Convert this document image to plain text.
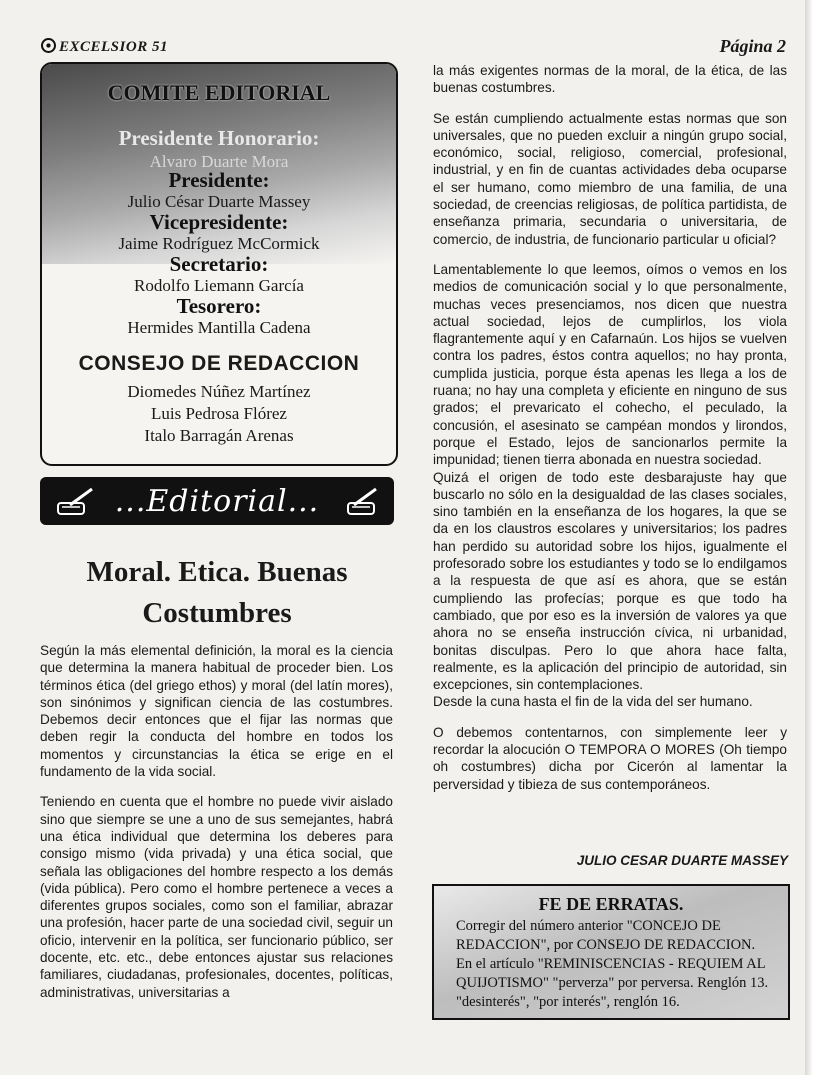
EXCELSIOR 51	Página 2
COMITE EDITORIAL
Presidente Honorario:
Alvaro Duarte Mora
Presidente:
Julio César Duarte Massey
Vicepresidente:
Jaime Rodríguez McCormick
Secretario:
Rodolfo Liemann García
Tesorero:
Hermides Mantilla Cadena
CONSEJO DE REDACCION
Diomedes Núñez Martínez
Luis Pedrosa Flórez
Italo Barragán Arenas
...Editorial...
Moral. Etica. Buenas
Costumbres

Según la más elemental definición, la moral es la ciencia que determina la manera habitual de proceder bien. Los términos ética (del griego ethos) y moral (del latín mores), son sinónimos y significan ciencia de las costumbres. Debemos decir entonces que el fijar las normas que deben regir la conducta del hombre en todos los momentos y circunstancias la ética se erige en el fundamento de la vida social.

Teniendo en cuenta que el hombre no puede vivir aislado sino que siempre se une a uno de sus semejantes, habrá una ética individual que determina los deberes para consigo mismo (vida privada) y una ética social, que señala las obligaciones del hombre respecto a los demás (vida pública). Pero como el hombre pertenece a veces a diferentes grupos sociales, como son el familiar, abrazar una profesión, hacer parte de una sociedad civil, seguir un oficio, intervenir en la política, ser funcionario público, ser docente, etc. etc., debe entonces ajustar sus relaciones familiares, ciudadanas, profesionales, docentes, políticas, administrativas, universitarias a

la más exigentes normas de la moral, de la ética, de las buenas costumbres.

Se están cumpliendo actualmente estas normas que son universales, que no pueden excluir a ningún grupo social, económico, social, religioso, comercial, profesional, industrial, y en fin de cuantas actividades deba ocuparse el ser humano, como miembro de una familia, de una sociedad, de creencias religiosas, de política partidista, de enseñanza primaria, secundaria o universitaria, de comercio, de industria, de funcionario particular u oficial?

Lamentablemente lo que leemos, oímos o vemos en los medios de comunicación social y lo que personalmente, muchas veces presenciamos, nos dicen que nuestra actual sociedad, lejos de cumplirlos, los viola flagrantemente aquí y en Cafarnaún. Los hijos se vuelven contra los padres, éstos contra aquellos; no hay pronta, cumplida justicia, porque ésta apenas les llega a los de ruana; no hay una completa y eficiente en ninguno de sus grados; el prevaricato el cohecho, el peculado, la concusión, el asesinato se campéan mondos y lirondos, porque el Estado, lejos de sancionarlos permite la impunidad; tienen tierra abonada en nuestra sociedad.

Quizá el origen de todo este desbarajuste hay que buscarlo no sólo en la desigualdad de las clases sociales, sino también en la enseñanza de los hogares, la que se da en los claustros escolares y universitarios; los padres han perdido su autoridad sobre los hijos, igualmente el profesorado sobre los estudiantes y todo se lo endilgamos a la respuesta de que así es ahora, que se están cumpliendo las profecías; porque es que todo ha cambiado, que por eso es la inversión de valores ya que ahora no se enseña instrucción cívica, ni urbanidad, bonitas disculpas. Pero lo que ahora hace falta, realmente, es la aplicación del principio de autoridad, sin excepciones, sin contemplaciones.

Desde la cuna hasta el fin de la vida del ser humano.

O debemos contentarnos, con simplemente leer y recordar la alocución O TEMPORA O MORES (Oh tiempo oh costumbres) dicha por Cicerón al lamentar la perversidad y tibieza de sus contemporáneos.

JULIO CESAR DUARTE MASSEY
FE DE ERRATAS.

Corregir del número anterior "CONCEJO DE REDACCION", por CONSEJO DE REDACCION.

En el artículo "REMINISCENCIAS - REQUIEM AL QUIJOTISMO" "perverza" por perversa. Renglón 13.

"desinterés", "por interés", renglón 16.
